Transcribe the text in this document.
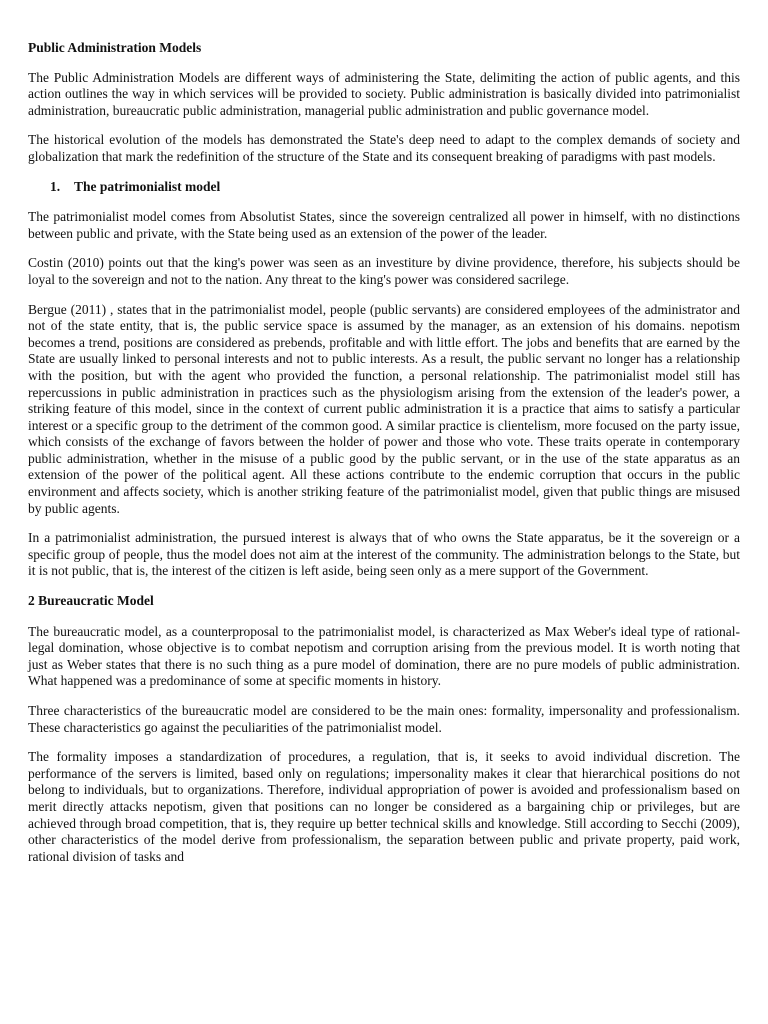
Public Administration Models

The Public Administration Models are different ways of administering the State, delimiting the action of public agents, and this action outlines the way in which services will be provided to society. Public administration is basically divided into patrimonialist administration, bureaucratic public administration, managerial public administration and public governance model.

The historical evolution of the models has demonstrated the State's deep need to adapt to the complex demands of society and globalization that mark the redefinition of the structure of the State and its consequent breaking of paradigms with past models.

1. The patrimonialist model

The patrimonialist model comes from Absolutist States, since the sovereign centralized all power in himself, with no distinctions between public and private, with the State being used as an extension of the power of the leader.

Costin (2010) points out that the king's power was seen as an investiture by divine providence, therefore, his subjects should be loyal to the sovereign and not to the nation. Any threat to the king's power was considered sacrilege.

Bergue (2011) , states that in the patrimonialist model, people (public servants) are considered employees of the administrator and not of the state entity, that is, the public service space is assumed by the manager, as an extension of his domains. nepotism becomes a trend, positions are considered as prebends, profitable and with little effort. The jobs and benefits that are earned by the State are usually linked to personal interests and not to public interests. As a result, the public servant no longer has a relationship with the position, but with the agent who provided the function, a personal relationship. The patrimonialist model still has repercussions in public administration in practices such as the physiologism arising from the extension of the leader's power, a striking feature of this model, since in the context of current public administration it is a practice that aims to satisfy a particular interest or a specific group to the detriment of the common good. A similar practice is clientelism, more focused on the party issue, which consists of the exchange of favors between the holder of power and those who vote. These traits operate in contemporary public administration, whether in the misuse of a public good by the public servant, or in the use of the state apparatus as an extension of the power of the political agent. All these actions contribute to the endemic corruption that occurs in the public environment and affects society, which is another striking feature of the patrimonialist model, given that public things are misused by public agents.

In a patrimonialist administration, the pursued interest is always that of who owns the State apparatus, be it the sovereign or a specific group of people, thus the model does not aim at the interest of the community. The administration belongs to the State, but it is not public, that is, the interest of the citizen is left aside, being seen only as a mere support of the Government.

2 Bureaucratic Model

The bureaucratic model, as a counterproposal to the patrimonialist model, is characterized as Max Weber's ideal type of rational-legal domination, whose objective is to combat nepotism and corruption arising from the previous model. It is worth noting that just as Weber states that there is no such thing as a pure model of domination, there are no pure models of public administration. What happened was a predominance of some at specific moments in history.

Three characteristics of the bureaucratic model are considered to be the main ones: formality, impersonality and professionalism. These characteristics go against the peculiarities of the patrimonialist model.

The formality imposes a standardization of procedures, a regulation, that is, it seeks to avoid individual discretion. The performance of the servers is limited, based only on regulations; impersonality makes it clear that hierarchical positions do not belong to individuals, but to organizations. Therefore, individual appropriation of power is avoided and professionalism based on merit directly attacks nepotism, given that positions can no longer be considered as a bargaining chip or privileges, but are achieved through broad competition, that is, they require up better technical skills and knowledge. Still according to Secchi (2009), other characteristics of the model derive from professionalism, the separation between public and private property, paid work, rational division of tasks and
